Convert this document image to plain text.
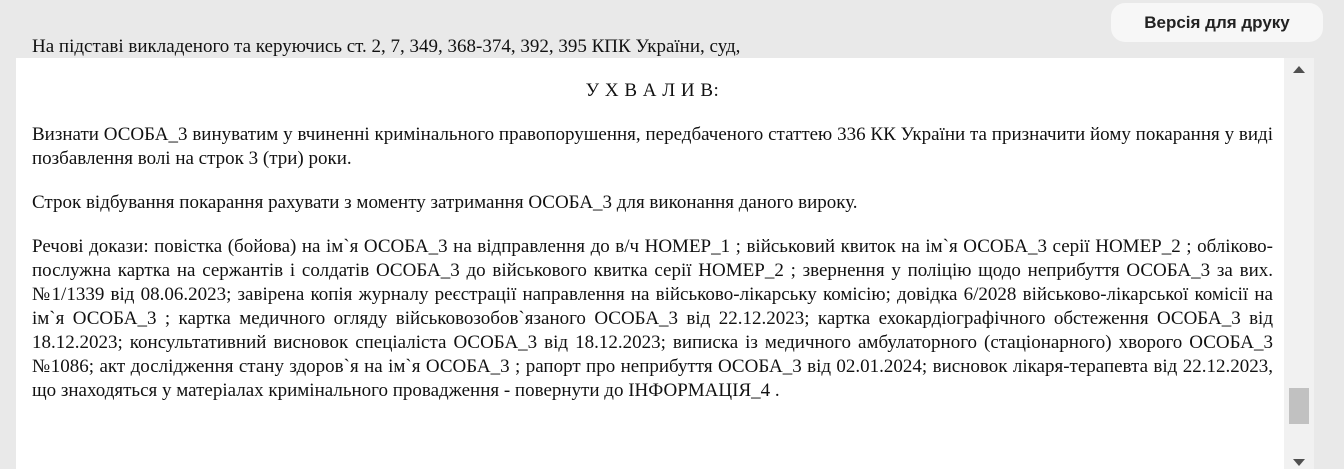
Версія для друку

На підставі викладеного та керуючись ст. 2, 7, 349, 368-374, 392, 395 КПК України, суд,

У Х В А Л И В:

Визнати ОСОБА_3 винуватим у вчиненні кримінального правопорушення, передбаченого статтею 336 КК України та призначити йому покарання у виді позбавлення волі на строк 3 (три) роки.

Строк відбування покарання рахувати з моменту затримання ОСОБА_3 для виконання даного вироку.

Речові докази: повістка (бойова) на ім`я ОСОБА_3 на відправлення до в/ч НОМЕР_1 ; військовий квиток на ім`я ОСОБА_3 серії НОМЕР_2 ; обліково-послужна картка на сержантів і солдатів ОСОБА_3 до військового квитка серії НОМЕР_2 ; звернення у поліцію щодо неприбуття ОСОБА_3 за вих. №1/1339 від 08.06.2023; завірена копія журналу реєстрації направлення на військово-лікарську комісію; довідка 6/2028 військово-лікарської комісії на ім`я ОСОБА_3 ; картка медичного огляду військовозобов`язаного ОСОБА_3 від 22.12.2023; картка ехокардіографічного обстеження ОСОБА_3 від 18.12.2023; консультативний висновок спеціаліста ОСОБА_3 від 18.12.2023; виписка із медичного амбулаторного (стаціонарного) хворого ОСОБА_3 №1086; акт дослідження стану здоров`я на ім`я ОСОБА_3 ; рапорт про неприбуття ОСОБА_3 від 02.01.2024; висновок лікаря-терапевта від 22.12.2023, що знаходяться у матеріалах кримінального провадження - повернути до ІНФОРМАЦІЯ_4 .
